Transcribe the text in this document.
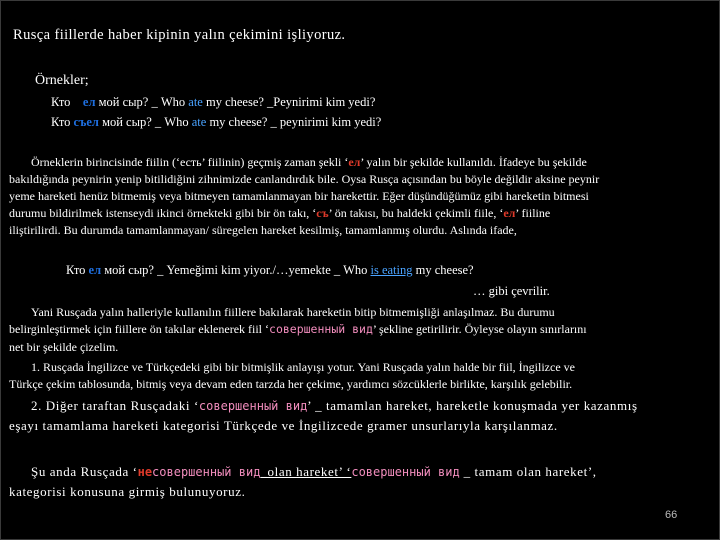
Rusça fiillerde haber kipinin yalın çekimini işliyoruz.
Örnekler;
Кто ел мой сыр? _ Who ate my cheese? _Peynirimi kim yedi?
Кто съел мой сыр? _ Who ate my cheese? _ peynirimi kim yedi?
Örneklerin birincisinde fiilin (‘есть’ fiilinin) geçmiş zaman şekli ‘ел’ yalın bir şekilde kullanıldı. İfadeye bu şekilde
bakıldığında peynirin yenip bitilidiğini zihnimizde canlandırdık bile. Oysa Rusça açısından bu böyle değildir aksine peynir
yeme hareketi henüz bitmemiş veya bitmeyen tamamlanmayan bir harekettir. Eğer düşündüğümüz gibi hareketin bitmesi
durumu bildirilmek istenseydi ikinci örnekteki gibi bir ön takı, ‘съ’ ön takısı, bu haldeki çekimli fiile, ‘ел’ fiiline
iliştirilirdi. Bu durumda tamamlanmayan/ süregelen hareket kesilmiş, tamamlanmış olurdu. Aslında ifade,
Кто ел мой сыр? _ Yemeğimi kim yiyor./…yemekte _ Who is eating my cheese?
… gibi çevrilir.
Yani Rusçada yalın halleriyle kullanılın fiillere bakılarak hareketin bitip bitmemişliği anlaşılmaz. Bu durumu
belirginleştirmek için fiillere ön takılar eklenerek fiil ‘совершенный вид’ şekline getirilirir. Öyleyse olayın sınırlarını
net bir şekilde çizelim.
1. Rusçada İngilizce ve Türkçedeki gibi bir bitmişlik anlayışı yotur. Yani Rusçada yalın halde bir fiil, İngilizce ve
Türkçe çekim tablosunda, bitmiş veya devam eden tarzda her çekime, yardımcı sözcüklerle birlikte, karşılık gelebilir.
2. Diğer taraftan Rusçadaki ‘совершенный вид’ _ tamamlan hareket, hareketle konuşmada yer kazanmış
eşayı tamamlama hareketi kategorisi Türkçede ve İngilizcede gramer unsurlarıyla karşılanmaz.
Şu anda Rusçada ‘несовершенный вид_olan hareket’ ‘совершенный вид _ tamam olan hareket’,
kategorisi konusuna girmiş bulunuyoruz.
66
